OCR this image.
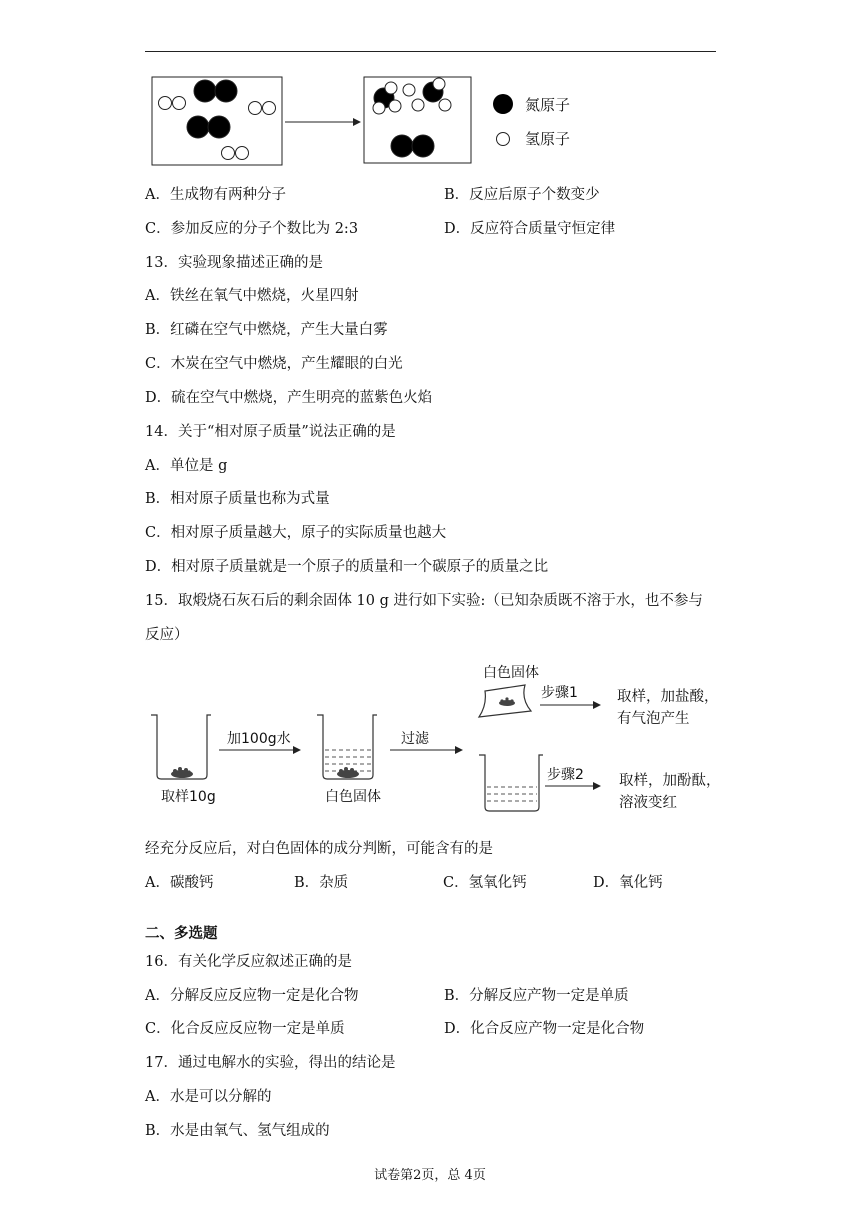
氮原子
氢原子
A．生成物有两种分子	B．反应后原子个数变少
C．参加反应的分子个数比为 2:3	D．反应符合质量守恒定律
13．实验现象描述正确的是
A．铁丝在氧气中燃烧，火星四射
B．红磷在空气中燃烧，产生大量白雾
C．木炭在空气中燃烧，产生耀眼的白光
D．硫在空气中燃烧，产生明亮的蓝紫色火焰
14．关于“相对原子质量”说法正确的是
A．单位是 g
B．相对原子质量也称为式量
C．相对原子质量越大，原子的实际质量也越大
D．相对原子质量就是一个原子的质量和一个碳原子的质量之比
15．取煅烧石灰石后的剩余固体 10 g 进行如下实验:（已知杂质既不溶于水，也不参与
反应）
取样10g
加100g水
白色固体
过滤
白色固体
步骤1	取样，加盐酸，
有气泡产生
步骤2 取样，加酚酞，
溶液变红
经充分反应后，对白色固体的成分判断，可能含有的是
A．碳酸钙	B．杂质	C．氢氧化钙	D．氧化钙
二、多选题
16．有关化学反应叙述正确的是
A．分解反应反应物一定是化合物	B．分解反应产物一定是单质
C．化合反应反应物一定是单质	D．化合反应产物一定是化合物
17．通过电解水的实验，得出的结论是
A．水是可以分解的
B．水是由氧气、氢气组成的
试卷第2页，总 4页
